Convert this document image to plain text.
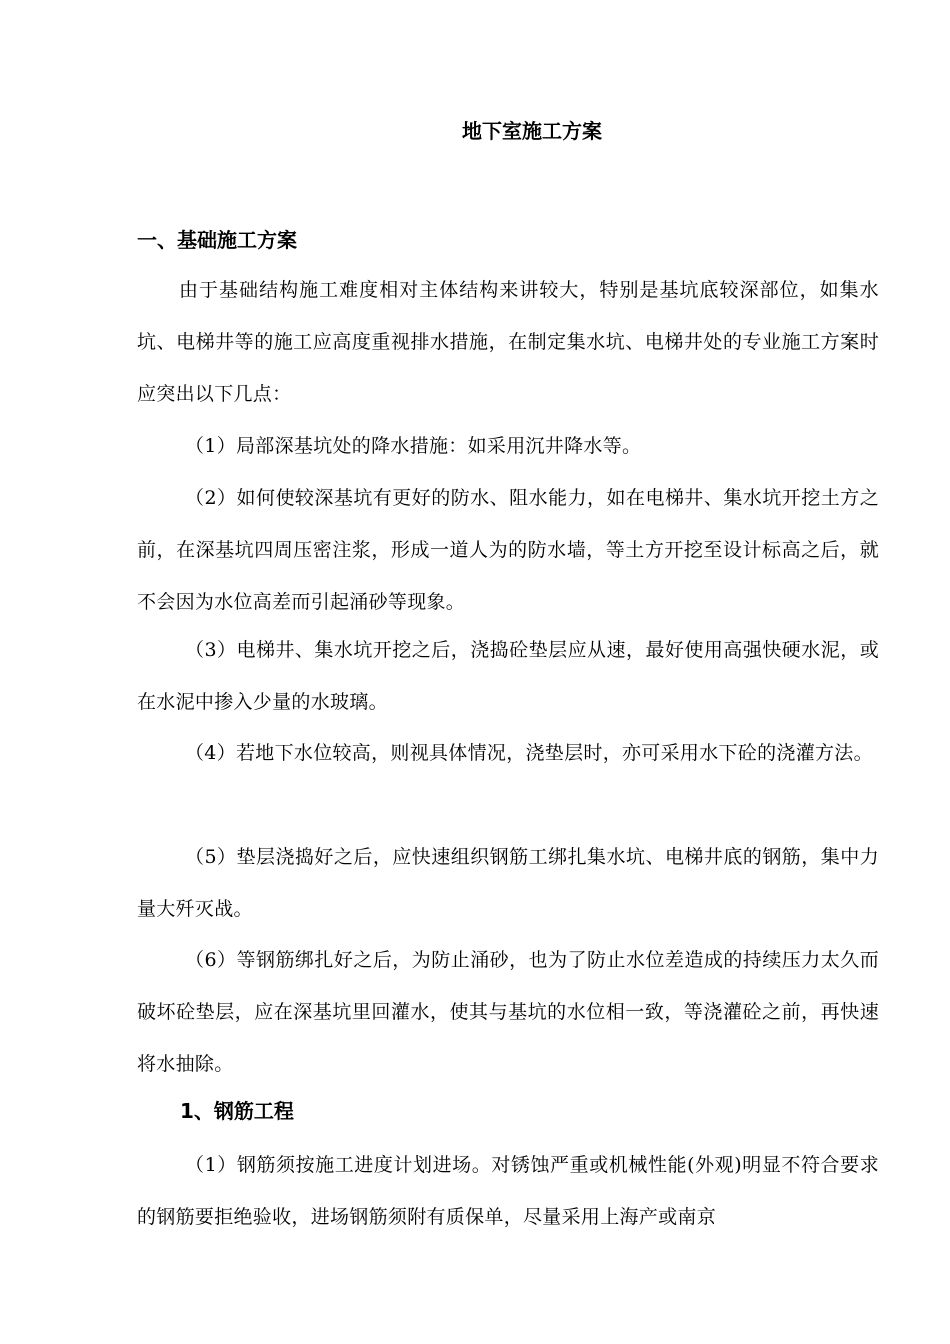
地下室施工方案
一、基础施工方案

由于基础结构施工难度相对主体结构来讲较大，特别是基坑底较深部位，如集水坑、电梯井等的施工应高度重视排水措施，在制定集水坑、电梯井处的专业施工方案时应突出以下几点：

（1）局部深基坑处的降水措施：如采用沉井降水等。

（2）如何使较深基坑有更好的防水、阻水能力，如在电梯井、集水坑开挖土方之前，在深基坑四周压密注浆，形成一道人为的防水墙，等土方开挖至设计标高之后，就不会因为水位高差而引起涌砂等现象。

（3）电梯井、集水坑开挖之后，浇捣砼垫层应从速，最好使用高强快硬水泥，或在水泥中掺入少量的水玻璃。

（4）若地下水位较高，则视具体情况，浇垫层时，亦可采用水下砼的浇灌方法。

（5）垫层浇捣好之后，应快速组织钢筋工绑扎集水坑、电梯井底的钢筋，集中力量大歼灭战。

（6）等钢筋绑扎好之后，为防止涌砂，也为了防止水位差造成的持续压力太久而破坏砼垫层，应在深基坑里回灌水，使其与基坑的水位相一致，等浇灌砼之前，再快速将水抽除。

1、钢筋工程

（1）钢筋须按施工进度计划进场。对锈蚀严重或机械性能(外观)明显不符合要求的钢筋要拒绝验收，进场钢筋须附有质保单，尽量采用上海产或南京
